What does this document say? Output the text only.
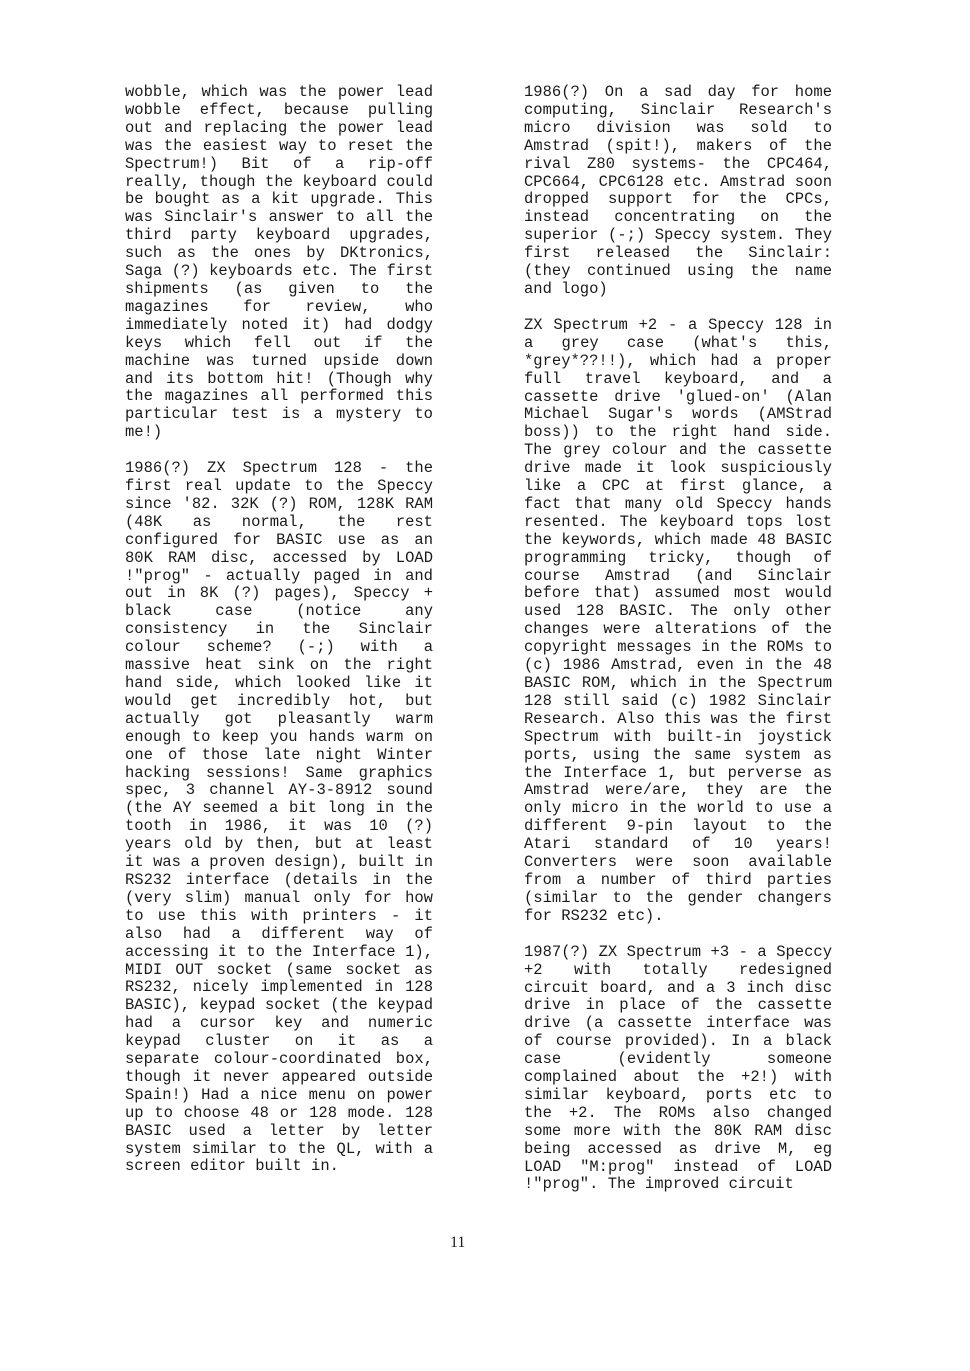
wobble, which was the power lead wobble effect, because pulling out and replacing the power lead was the easiest way to reset the Spectrum!) Bit of a rip-off really, though the keyboard could be bought as a kit upgrade. This was Sinclair's answer to all the third party keyboard upgrades, such as the ones by DKtronics, Saga (?) keyboards etc. The first shipments (as given to the magazines for review, who immediately noted it) had dodgy keys which fell out if the machine was turned upside down and its bottom hit! (Though why the magazines all performed this particular test is a mystery to me!)

1986(?) ZX Spectrum 128 - the first real update to the Speccy since '82. 32K (?) ROM, 128K RAM (48K as normal, the rest configured for BASIC use as an 80K RAM disc, accessed by LOAD !"prog" - actually paged in and out in 8K (?) pages), Speccy + black case (notice any consistency in the Sinclair colour scheme? (-;) with a massive heat sink on the right hand side, which looked like it would get incredibly hot, but actually got pleasantly warm enough to keep you hands warm on one of those late night Winter hacking sessions! Same graphics spec, 3 channel AY-3-8912 sound (the AY seemed a bit long in the tooth in 1986, it was 10 (?) years old by then, but at least it was a proven design), built in RS232 interface (details in the (very slim) manual only for how to use this with printers - it also had a different way of accessing it to the Interface 1), MIDI OUT socket (same socket as RS232, nicely implemented in 128 BASIC), keypad socket (the keypad had a cursor key and numeric keypad cluster on it as a separate colour-coordinated box, though it never appeared outside Spain!) Had a nice menu on power up to choose 48 or 128 mode. 128 BASIC used a letter by letter system similar to the QL, with a screen editor built in.

1986(?) On a sad day for home computing, Sinclair Research's micro division was sold to Amstrad (spit!), makers of the rival Z80 systems- the CPC464, CPC664, CPC6128 etc. Amstrad soon dropped support for the CPCs, instead concentrating on the superior (-;) Speccy system. They first released the Sinclair: (they continued using the name and logo)

ZX Spectrum +2 - a Speccy 128 in a grey case (what's this, *grey*??!!), which had a proper full travel keyboard, and a cassette drive 'glued-on' (Alan Michael Sugar's words (AMStrad boss)) to the right hand side. The grey colour and the cassette drive made it look suspiciously like a CPC at first glance, a fact that many old Speccy hands resented. The keyboard tops lost the keywords, which made 48 BASIC programming tricky, though of course Amstrad (and Sinclair before that) assumed most would used 128 BASIC. The only other changes were alterations of the copyright messages in the ROMs to (c) 1986 Amstrad, even in the 48 BASIC ROM, which in the Spectrum 128 still said (c) 1982 Sinclair Research. Also this was the first Spectrum with built-in joystick ports, using the same system as the Interface 1, but perverse as Amstrad were/are, they are the only micro in the world to use a different 9-pin layout to the Atari standard of 10 years! Converters were soon available from a number of third parties (similar to the gender changers for RS232 etc).

1987(?) ZX Spectrum +3 - a Speccy +2 with totally redesigned circuit board, and a 3 inch disc drive in place of the cassette drive (a cassette interface was of course provided). In a black case (evidently someone complained about the +2!) with similar keyboard, ports etc to the +2. The ROMs also changed some more with the 80K RAM disc being accessed as drive M, eg LOAD "M:prog" instead of LOAD !"prog". The improved circuit

11
